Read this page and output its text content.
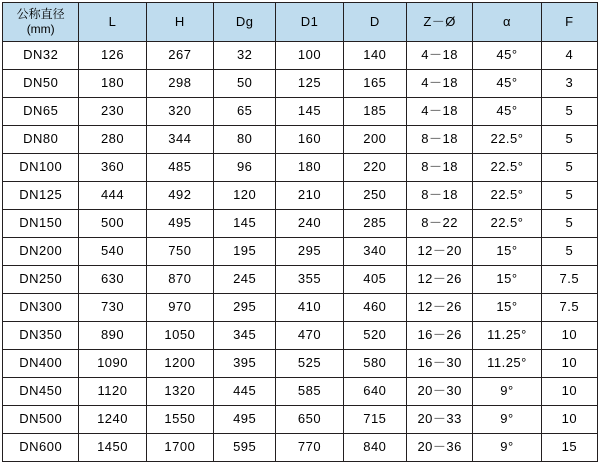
公称直径
(mm)	L	H	Dg	D1	D	Z－Ø	α	F
DN32	126	267	32	100	140	4－18	45°	4
DN50	180	298	50	125	165	4－18	45°	3
DN65	230	320	65	145	185	4－18	45°	5
DN80	280	344	80	160	200	8－18	22.5°	5
DN100	360	485	96	180	220	8－18	22.5°	5
DN125	444	492	120	210	250	8－18	22.5°	5
DN150	500	495	145	240	285	8－22	22.5°	5
DN200	540	750	195	295	340	12－20	15°	5
DN250	630	870	245	355	405	12－26	15°	7.5
DN300	730	970	295	410	460	12－26	15°	7.5
DN350	890	1050	345	470	520	16－26	11.25°	10
DN400	1090	1200	395	525	580	16－30	11.25°	10
DN450	1120	1320	445	585	640	20－30	9°	10
DN500	1240	1550	495	650	715	20－33	9°	10
DN600	1450	1700	595	770	840	20－36	9°	15
